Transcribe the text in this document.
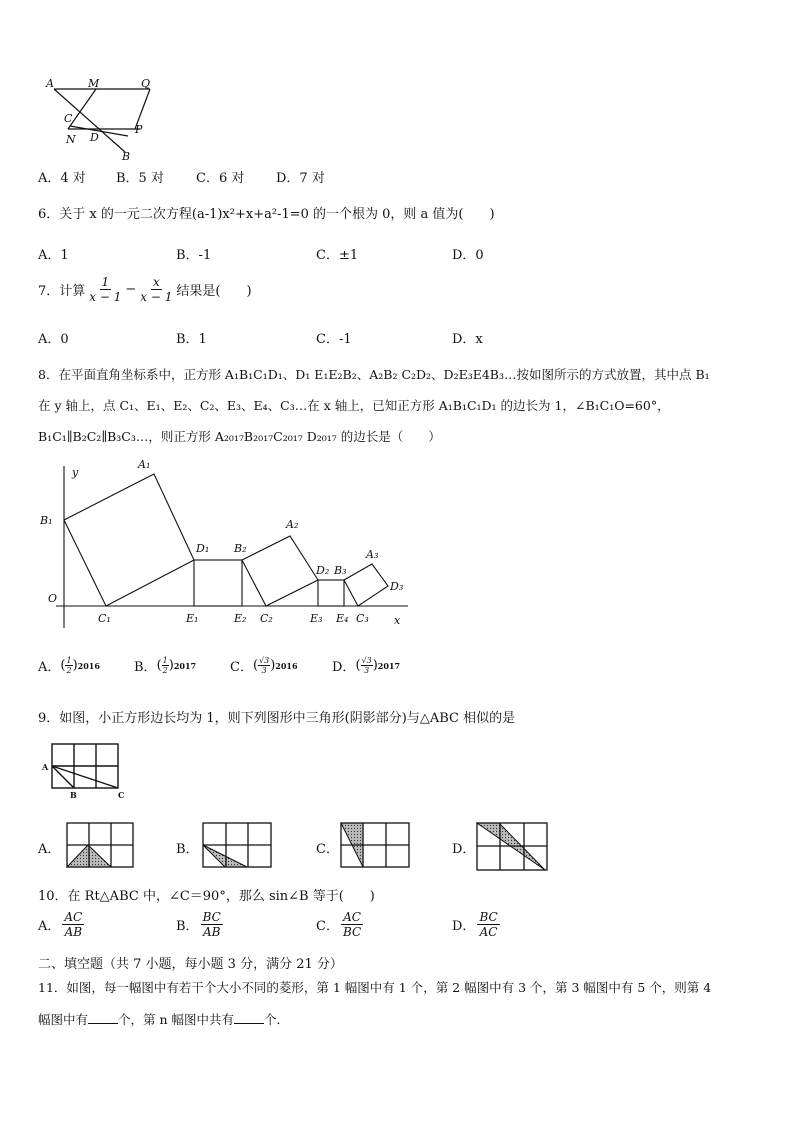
A	M	Q
C
N D
P
B
A．4 对 B．5 对 C．6 对 D．7 对
6．关于 x 的一元二次方程(a-1)x²+x+a²-1=0 的一个根为 0，则 a 值为(　　)
A．1	B．-1	C．±1	D．0
7．计算 $\frac{1}{x - 1} - \frac{x}{x - 1}$ 结果是(　　)
A．0	B．1	C．-1	D．x
8．在平面直角坐标系中，正方形 A₁B₁C₁D₁、D₁ E₁E₂B₂、A₂B₂ C₂D₂、D₂E₃E4B₃…按如图所示的方式放置，其中点 B₁
在 y 轴上，点 C₁、E₁、E₂、C₂、E₃、E₄、C₃…在 x 轴上，已知正方形 A₁B₁C₁D₁ 的边长为 1，∠B₁C₁O=60°，
B₁C₁∥B₂C₂∥B₃C₃…，则正方形 A₂₀₁₇B₂₀₁₇C₂₀₁₇ D₂₀₁₇ 的边长是（　　）
y
x
O
B₁
A₁
C₁
D₁ B₂
E₁	E₂
A₂
C₂
D₂ B₃
E₃ E₄
A₃
D₃
C₃
A． ( $\frac{1}{2}$ ) 2016	B． ( $\frac{1}{2}$ ) 2017	C． ( $\frac{√3}{3}$ ) 2016	D． ( $\frac{√3}{3}$ ) 2017
9．如图，小正方形边长均为 1，则下列图形中三角形(阴影部分)与△ABC 相似的是
A
B	C
A．	B．	C．	D．
10．在 Rt△ABC 中，∠C＝90°，那么 sin∠B 等于(　　)
A． $\frac{AC}{AB}$	B． $\frac{BC}{AB}$	C． $\frac{AC}{BC}$	D． $\frac{BC}{AC}$
二、填空题（共 7 小题，每小题 3 分，满分 21 分）
11．如图，每一幅图中有若干个大小不同的菱形，第 1 幅图中有 1 个，第 2 幅图中有 3 个，第 3 幅图中有 5 个，则第 4
幅图中有 个，第 n 幅图中共有 个．
